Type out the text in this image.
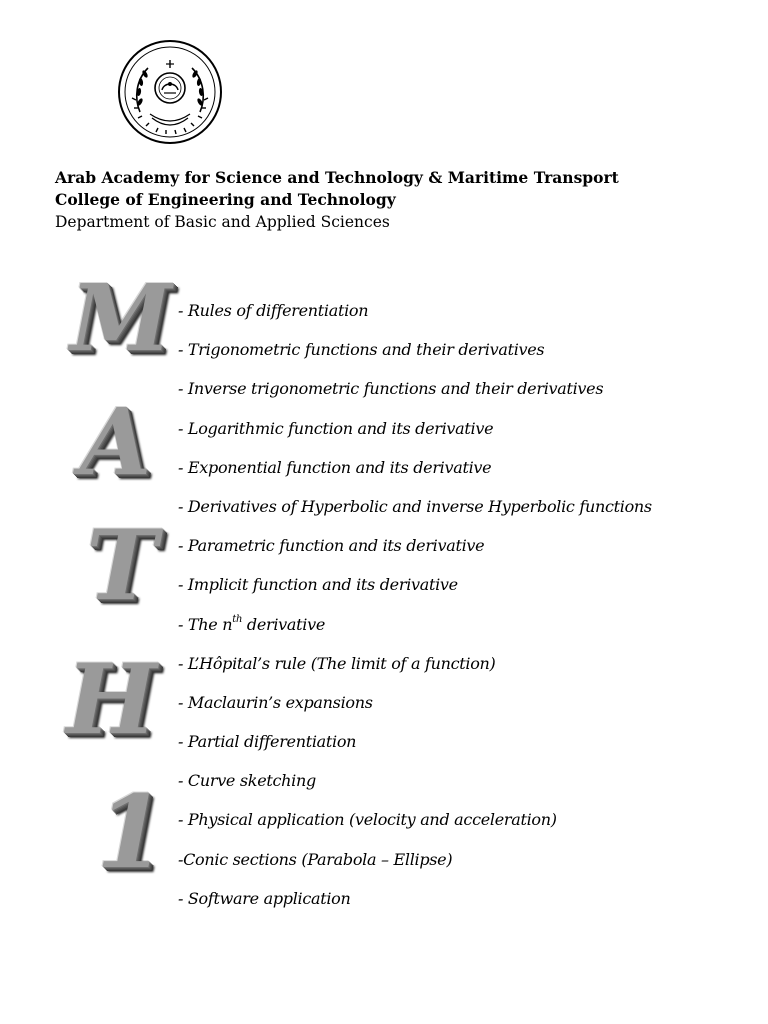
Arab Academy for Science and Technology & Maritime Transport
College of Engineering and Technology
Department of Basic and Applied Sciences
M
A
T
H
1
- Rules of differentiation
- Trigonometric functions and their derivatives
- Inverse trigonometric functions and their derivatives
- Logarithmic function and its derivative
- Exponential function and its derivative
- Derivatives of Hyperbolic and inverse Hyperbolic functions
- Parametric function and its derivative
- Implicit function and its derivative
- The $n^{th}$ derivative
- L’Hôpital’s rule (The limit of a function)
- Maclaurin’s expansions
- Partial differentiation
- Curve sketching
- Physical application (velocity and acceleration)
-Conic sections (Parabola – Ellipse)
- Software application
